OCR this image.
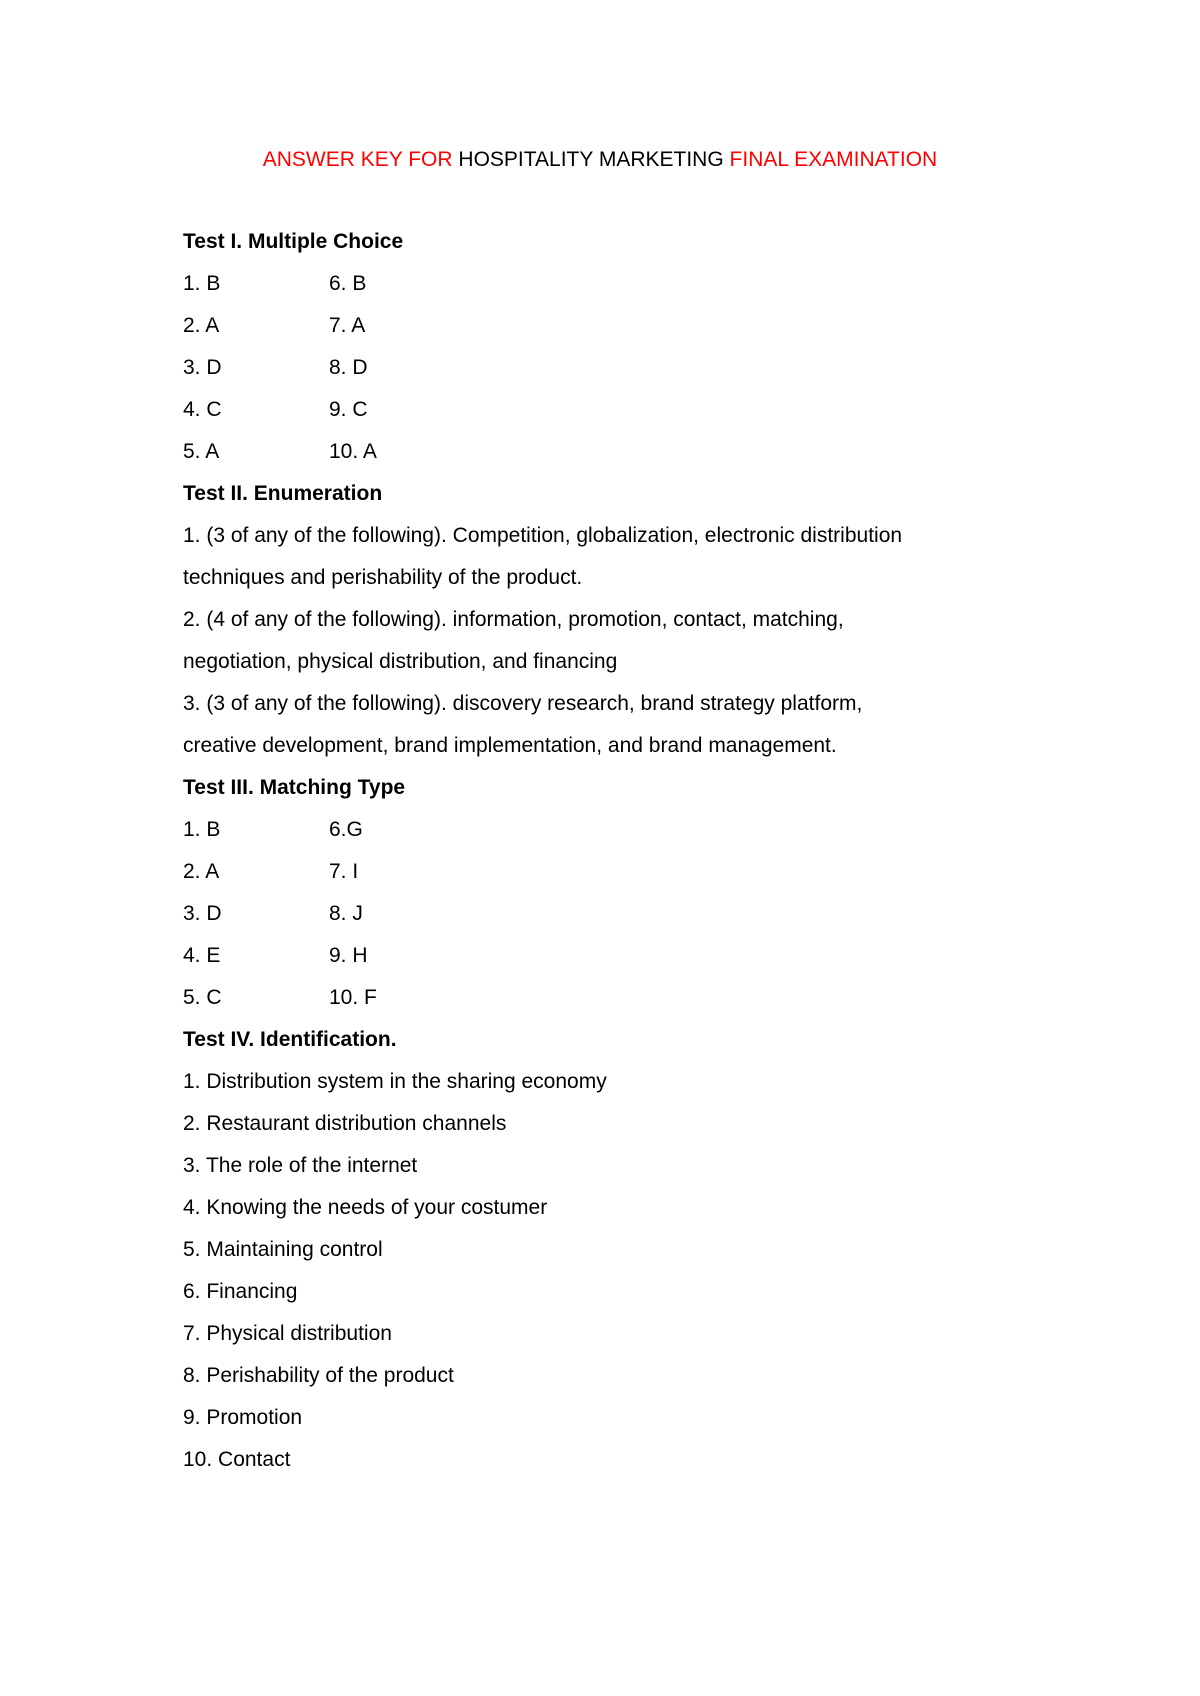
ANSWER KEY FOR HOSPITALITY MARKETING FINAL EXAMINATION
Test I. Multiple Choice
1. B	6. B
2. A	7. A
3. D	8. D
4. C	9. C
5. A	10. A
Test II. Enumeration
1. (3 of any of the following). Competition, globalization, electronic distribution
techniques and perishability of the product.
2. (4 of any of the following). information, promotion, contact, matching,
negotiation, physical distribution, and financing
3. (3 of any of the following). discovery research, brand strategy platform,
creative development, brand implementation, and brand management.
Test III. Matching Type
1. B	6.G
2. A	7. I
3. D	8. J
4. E	9. H
5. C	10. F
Test IV. Identification.
1. Distribution system in the sharing economy
2. Restaurant distribution channels
3. The role of the internet
4. Knowing the needs of your costumer
5. Maintaining control
6. Financing
7. Physical distribution
8. Perishability of the product
9. Promotion
10. Contact
